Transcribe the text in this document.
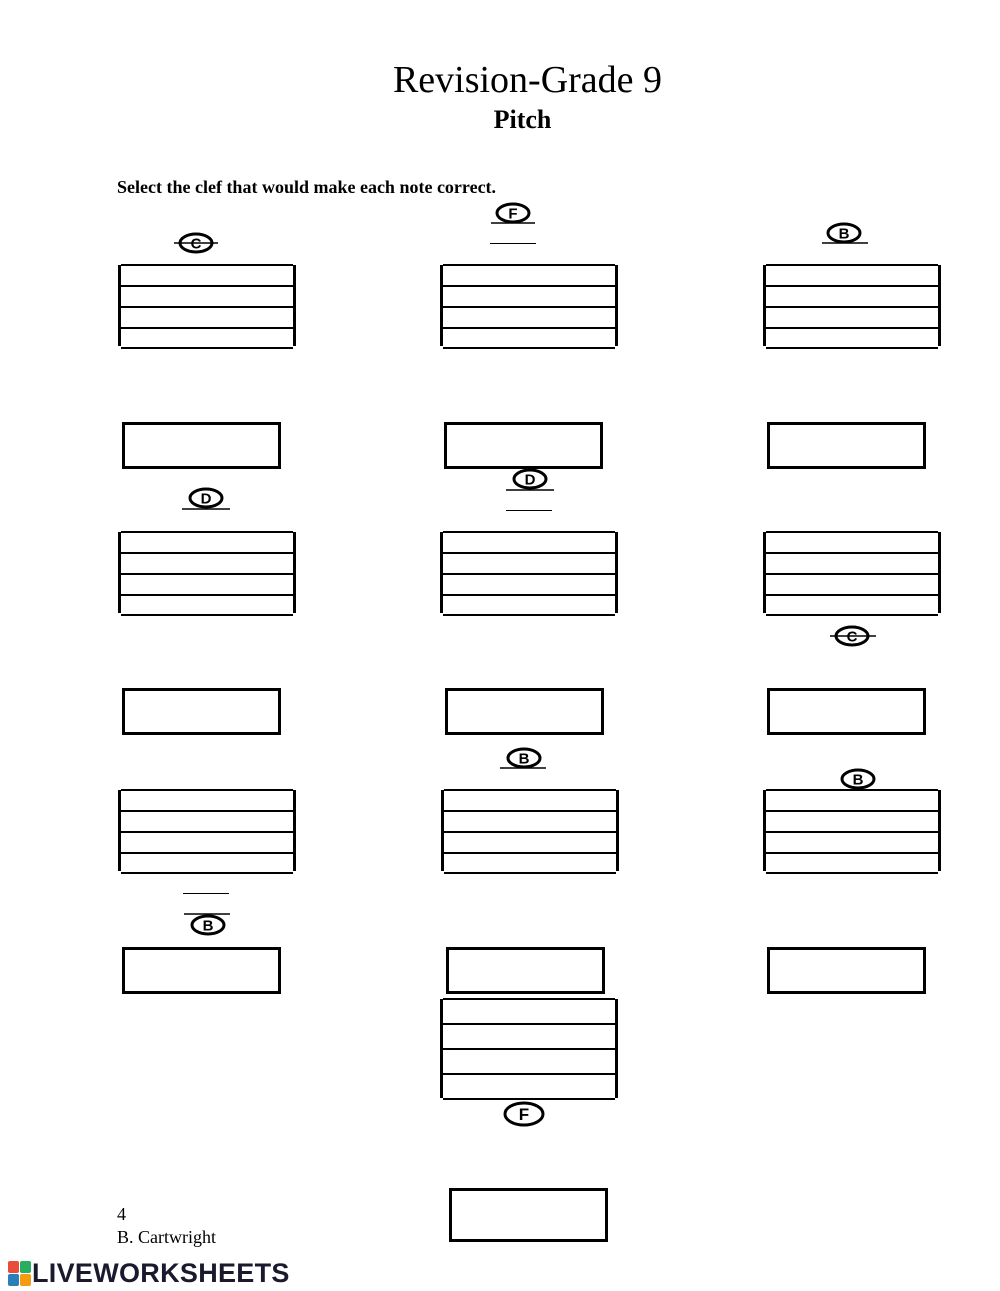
Revision-Grade 9
Pitch
Select the clef that would make each note correct.
C
F
B
D
D
C
B
B
B
F
4
B. Cartwright
LIVEWORKSHEETS
